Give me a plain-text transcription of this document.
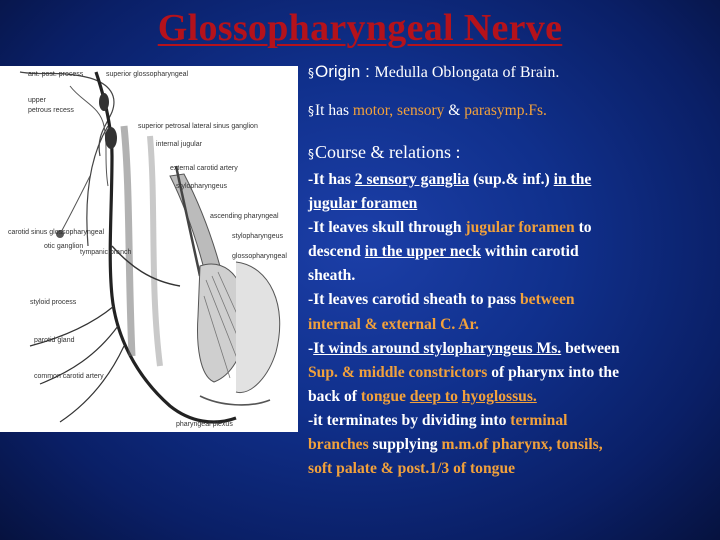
Glossopharyngeal Nerve
ant. post. process	superior glossopharyngeal
upper
petrous recess
superior petrosal lateral sinus ganglion
internal jugular
external carotid artery
stylopharyngeus
tympanic branch
carotid sinus glossopharyngeal
otic ganglion
ascending pharyngeal
stylopharyngeus
glossopharyngeal
styloid process
parotid gland
common carotid artery
pharyngeal plexus
§Origin : Medulla Oblongata of Brain.
§It has motor, sensory & parasymp.Fs.
§Course & relations :
-It has 2 sensory ganglia (sup.& inf.) in the
jugular foramen
-It leaves skull through jugular foramen to
descend in the upper neck within carotid
sheath.
-It leaves carotid sheath to pass between
internal & external C. Ar.
-It winds around stylopharyngeus Ms. between
Sup. & middle constrictors of pharynx into the
back of tongue deep to hyoglossus.
-it terminates by dividing into terminal
branches supplying m.m.of pharynx, tonsils,
soft palate & post.1/3 of tongue
